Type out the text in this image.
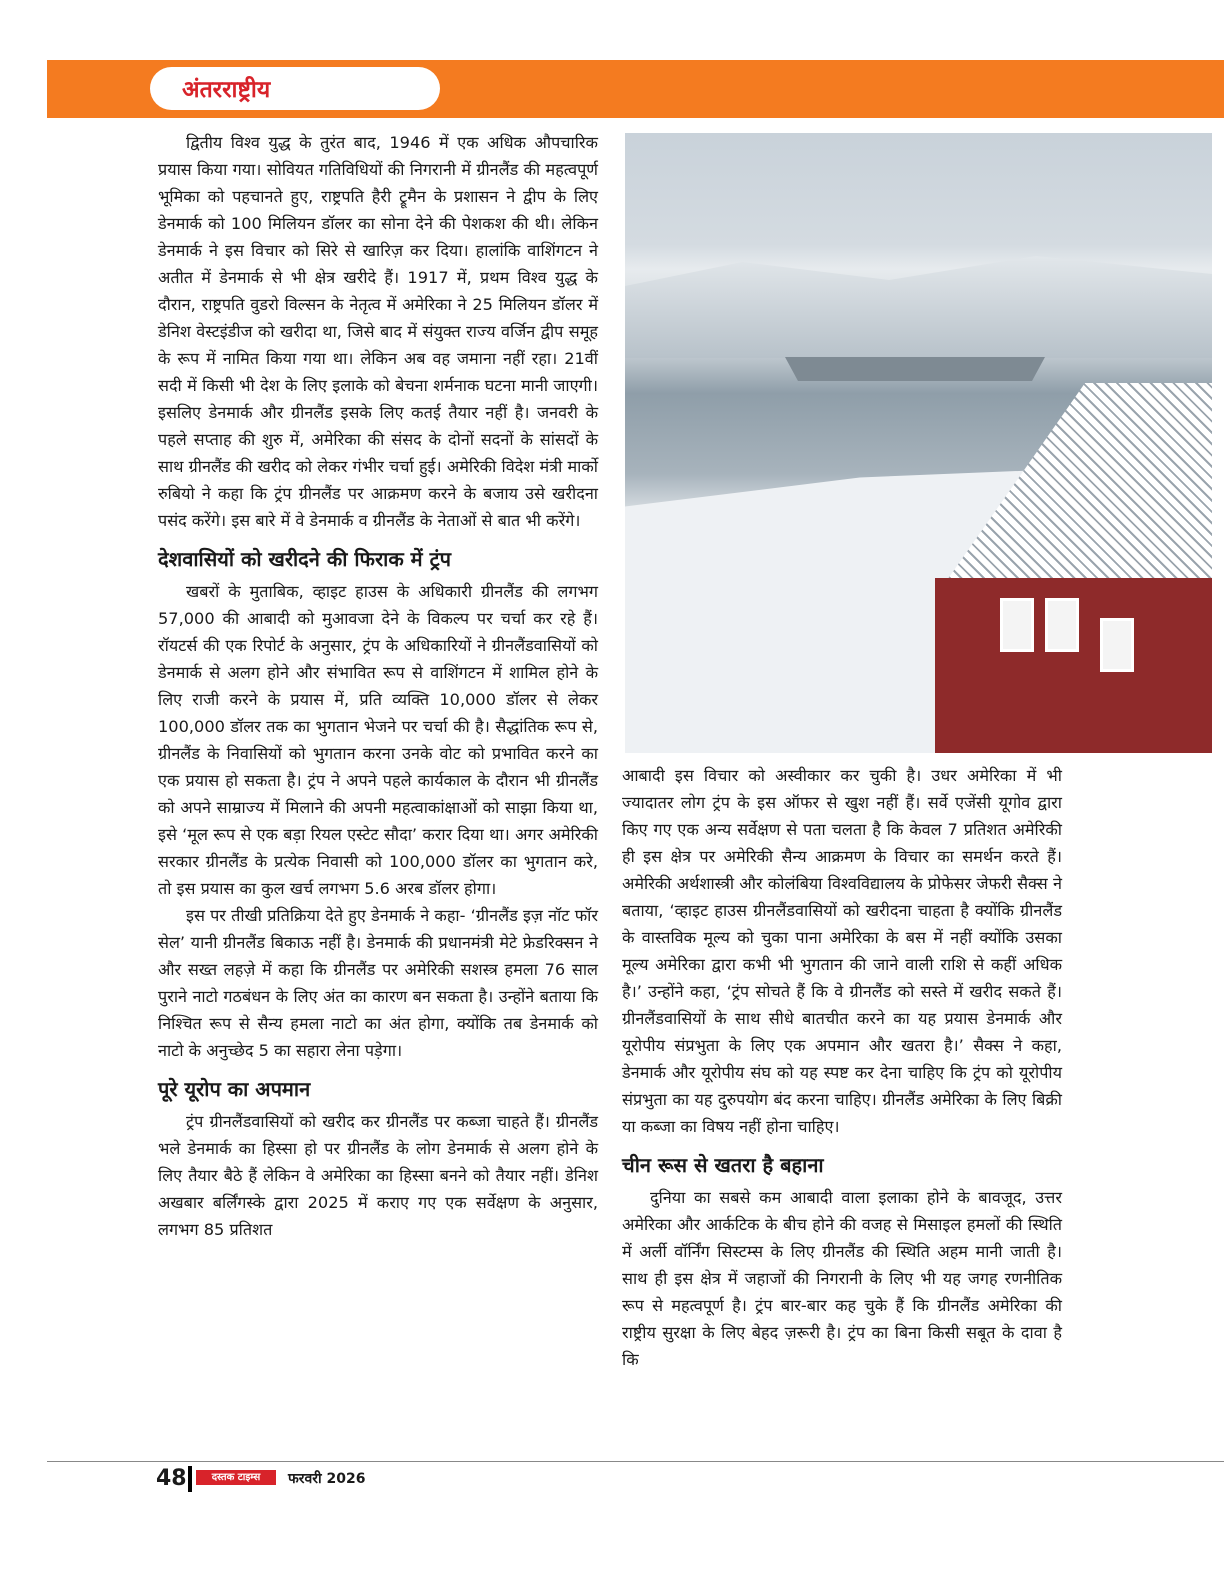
अंतरराष्ट्रीय

द्वितीय विश्व युद्ध के तुरंत बाद, 1946 में एक अधिक औपचारिक प्रयास किया गया। सोवियत गतिविधियों की निगरानी में ग्रीनलैंड की महत्वपूर्ण भूमिका को पहचानते हुए, राष्ट्रपति हैरी ट्रूमैन के प्रशासन ने द्वीप के लिए डेनमार्क को 100 मिलियन डॉलर का सोना देने की पेशकश की थी। लेकिन डेनमार्क ने इस विचार को सिरे से खारिज़ कर दिया। हालांकि वाशिंगटन ने अतीत में डेनमार्क से भी क्षेत्र खरीदे हैं। 1917 में, प्रथम विश्व युद्ध के दौरान, राष्ट्रपति वुडरो विल्सन के नेतृत्व में अमेरिका ने 25 मिलियन डॉलर में डेनिश वेस्टइंडीज को खरीदा था, जिसे बाद में संयुक्त राज्य वर्जिन द्वीप समूह के रूप में नामित किया गया था। लेकिन अब वह जमाना नहीं रहा। 21वीं सदी में किसी भी देश के लिए इलाके को बेचना शर्मनाक घटना मानी जाएगी। इसलिए डेनमार्क और ग्रीनलैंड इसके लिए कतई तैयार नहीं है। जनवरी के पहले सप्ताह की शुरु में, अमेरिका की संसद के दोनों सदनों के सांसदों के साथ ग्रीनलैंड की खरीद को लेकर गंभीर चर्चा हुई। अमेरिकी विदेश मंत्री मार्को रुबियो ने कहा कि ट्रंप ग्रीनलैंड पर आक्रमण करने के बजाय उसे खरीदना पसंद करेंगे। इस बारे में वे डेनमार्क व ग्रीनलैंड के नेताओं से बात भी करेंगे।

देशवासियों को खरीदने की फिराक में ट्रंप

खबरों के मुताबिक, व्हाइट हाउस के अधिकारी ग्रीनलैंड की लगभग 57,000 की आबादी को मुआवजा देने के विकल्प पर चर्चा कर रहे हैं। रॉयटर्स की एक रिपोर्ट के अनुसार, ट्रंप के अधिकारियों ने ग्रीनलैंडवासियों को डेनमार्क से अलग होने और संभावित रूप से वाशिंगटन में शामिल होने के लिए राजी करने के प्रयास में, प्रति व्यक्ति 10,000 डॉलर से लेकर 100,000 डॉलर तक का भुगतान भेजने पर चर्चा की है। सैद्धांतिक रूप से, ग्रीनलैंड के निवासियों को भुगतान करना उनके वोट को प्रभावित करने का एक प्रयास हो सकता है। ट्रंप ने अपने पहले कार्यकाल के दौरान भी ग्रीनलैंड को अपने साम्राज्य में मिलाने की अपनी महत्वाकांक्षाओं को साझा किया था, इसे ‘मूल रूप से एक बड़ा रियल एस्टेट सौदा’ करार दिया था। अगर अमेरिकी सरकार ग्रीनलैंड के प्रत्येक निवासी को 100,000 डॉलर का भुगतान करे, तो इस प्रयास का कुल खर्च लगभग 5.6 अरब डॉलर होगा।

इस पर तीखी प्रतिक्रिया देते हुए डेनमार्क ने कहा- ‘ग्रीनलैंड इज़ नॉट फॉर सेल’ यानी ग्रीनलैंड बिकाऊ नहीं है। डेनमार्क की प्रधानमंत्री मेटे फ्रेडरिक्सन ने और सख्त लहज़े में कहा कि ग्रीनलैंड पर अमेरिकी सशस्त्र हमला 76 साल पुराने नाटो गठबंधन के लिए अंत का कारण बन सकता है। उन्होंने बताया कि निश्चित रूप से सैन्य हमला नाटो का अंत होगा, क्योंकि तब डेनमार्क को नाटो के अनुच्छेद 5 का सहारा लेना पड़ेगा।

पूरे यूरोप का अपमान

ट्रंप ग्रीनलैंडवासियों को खरीद कर ग्रीनलैंड पर कब्जा चाहते हैं। ग्रीनलैंड भले डेनमार्क का हिस्सा हो पर ग्रीनलैंड के लोग डेनमार्क से अलग होने के लिए तैयार बैठे हैं लेकिन वे अमेरिका का हिस्सा बनने को तैयार नहीं। डेनिश अखबार बर्लिंगस्के द्वारा 2025 में कराए गए एक सर्वेक्षण के अनुसार, लगभग 85 प्रतिशत

आबादी इस विचार को अस्वीकार कर चुकी है। उधर अमेरिका में भी ज्यादातर लोग ट्रंप के इस ऑफर से खुश नहीं हैं। सर्वे एजेंसी यूगोव द्वारा किए गए एक अन्य सर्वेक्षण से पता चलता है कि केवल 7 प्रतिशत अमेरिकी ही इस क्षेत्र पर अमेरिकी सैन्य आक्रमण के विचार का समर्थन करते हैं। अमेरिकी अर्थशास्त्री और कोलंबिया विश्वविद्यालय के प्रोफेसर जेफरी सैक्स ने बताया, ‘व्हाइट हाउस ग्रीनलैंडवासियों को खरीदना चाहता है क्योंकि ग्रीनलैंड के वास्तविक मूल्य को चुका पाना अमेरिका के बस में नहीं क्योंकि उसका मूल्य अमेरिका द्वारा कभी भी भुगतान की जाने वाली राशि से कहीं अधिक है।’ उन्होंने कहा, ‘ट्रंप सोचते हैं कि वे ग्रीनलैंड को सस्ते में खरीद सकते हैं। ग्रीनलैंडवासियों के साथ सीधे बातचीत करने का यह प्रयास डेनमार्क और यूरोपीय संप्रभुता के लिए एक अपमान और खतरा है।’ सैक्स ने कहा, डेनमार्क और यूरोपीय संघ को यह स्पष्ट कर देना चाहिए कि ट्रंप को यूरोपीय संप्रभुता का यह दुरुपयोग बंद करना चाहिए। ग्रीनलैंड अमेरिका के लिए बिक्री या कब्जा का विषय नहीं होना चाहिए।

चीन रूस से खतरा है बहाना

दुनिया का सबसे कम आबादी वाला इलाका होने के बावजूद, उत्तर अमेरिका और आर्कटिक के बीच होने की वजह से मिसाइल हमलों की स्थिति में अर्ली वॉर्निंग सिस्टम्स के लिए ग्रीनलैंड की स्थिति अहम मानी जाती है। साथ ही इस क्षेत्र में जहाजों की निगरानी के लिए भी यह जगह रणनीतिक रूप से महत्वपूर्ण है। ट्रंप बार-बार कह चुके हैं कि ग्रीनलैंड अमेरिका की राष्ट्रीय सुरक्षा के लिए बेहद ज़रूरी है। ट्रंप का बिना किसी सबूत के दावा है कि

48	दस्तक टाइम्स	फरवरी 2026
